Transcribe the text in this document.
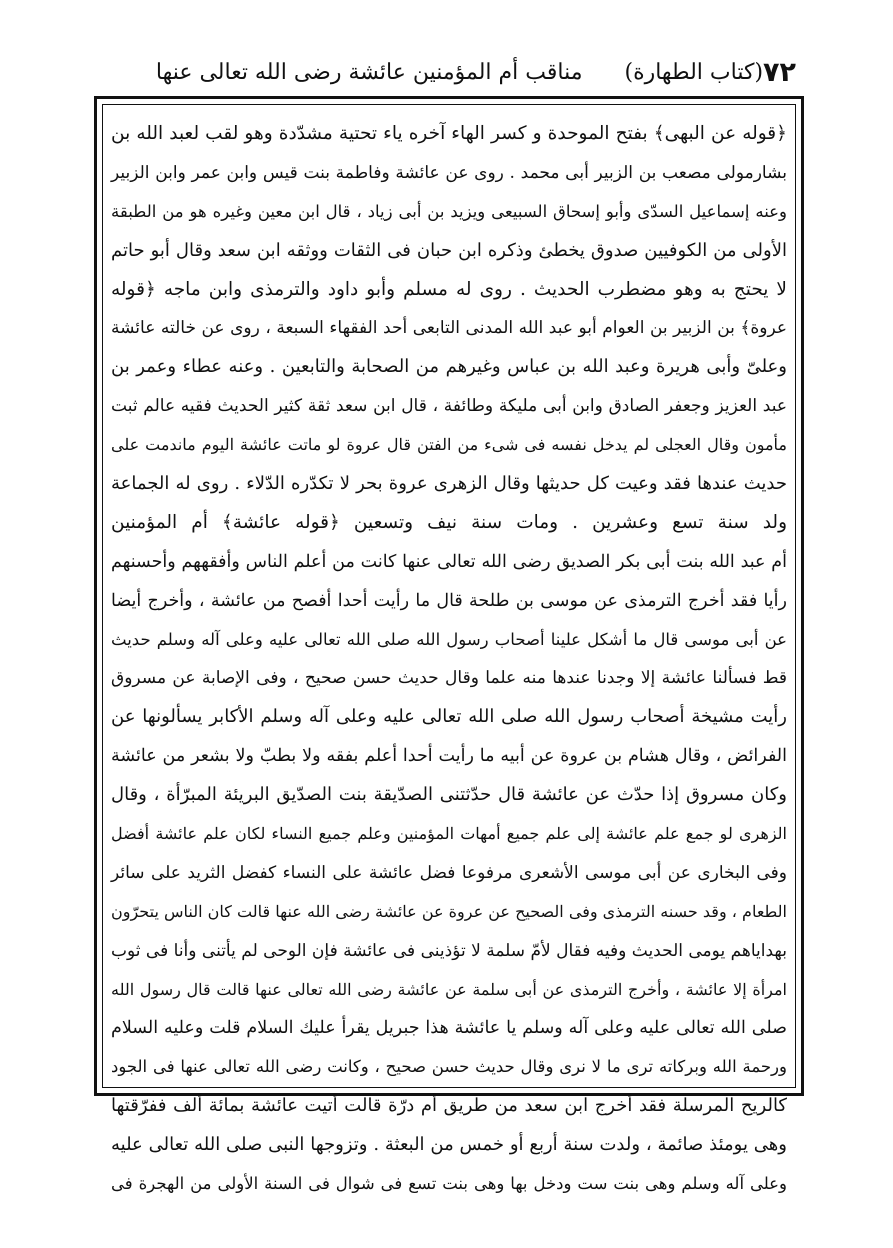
٧٢
(كتاب الطهارة)      مناقب أم المؤمنين عائشة رضى الله تعالى عنها
﴿قوله عن البهى﴾ بفتح الموحدة و كسر الهاء آخره ياء تحتية مشدّدة وهو لقب لعبد الله بن
بشارمولى مصعب بن الزبير أبى محمد . روى عن عائشة وفاطمة بنت قيس وابن عمر وابن الزبير
وعنه إسماعيل السدّى وأبو إسحاق السبيعى ويزيد بن أبى زياد ، قال ابن معين وغيره هو من الطبقة
الأولى من الكوفيين صدوق يخطئ وذكره ابن حبان فى الثقات ووثقه ابن سعد وقال أبو حاتم
لا يحتج به وهو مضطرب الحديث . روى له مسلم وأبو داود والترمذى وابن ماجه ﴿قوله
عروة﴾ بن الزبير بن العوام أبو عبد الله المدنى التابعى أحد الفقهاء السبعة ، روى عن خالته عائشة
وعلىّ وأبى هريرة وعبد الله بن عباس وغيرهم من الصحابة والتابعين . وعنه عطاء وعمر بن
عبد العزيز وجعفر الصادق وابن أبى مليكة وطائفة ، قال ابن سعد ثقة كثير الحديث فقيه عالم ثبت
مأمون وقال العجلى لم يدخل نفسه فى شىء من الفتن قال عروة لو ماتت عائشة اليوم ماندمت على
حديث عندها فقد وعيت كل حديثها وقال الزهرى عروة بحر لا تكدّره الدّلاء . روى له الجماعة
ولد سنة تسع وعشرين . ومات سنة نيف وتسعين ﴿قوله عائشة﴾ أم المؤمنين
أم عبد الله بنت أبى بكر الصديق رضى الله تعالى عنها كانت من أعلم الناس وأفقههم وأحسنهم
رأيا فقد أخرج الترمذى عن موسى بن طلحة قال ما رأيت أحدا أفصح من عائشة ، وأخرج أيضا
عن أبى موسى قال ما أشكل علينا أصحاب رسول الله صلى الله تعالى عليه وعلى آله وسلم حديث
قط فسألنا عائشة إلا وجدنا عندها منه علما وقال حديث حسن صحيح ، وفى الإصابة عن مسروق
رأيت مشيخة أصحاب رسول الله صلى الله تعالى عليه وعلى آله وسلم الأكابر يسألونها عن
الفرائض ، وقال هشام بن عروة عن أبيه ما رأيت أحدا أعلم بفقه ولا بطبّ ولا بشعر من عائشة
وكان مسروق إذا حدّث عن عائشة قال حدّثتنى الصدّيقة بنت الصدّيق البريئة المبرّأة ، وقال
الزهرى لو جمع علم عائشة إلى علم جميع أمهات المؤمنين وعلم جميع النساء لكان علم عائشة أفضل
وفى البخارى عن أبى موسى الأشعرى مرفوعا فضل عائشة على النساء كفضل الثريد على سائر
الطعام ، وقد حسنه الترمذى وفى الصحيح عن عروة عن عائشة رضى الله عنها قالت كان الناس يتحرّون
بهداياهم يومى الحديث وفيه فقال لأمّ سلمة لا تؤذينى فى عائشة فإن الوحى لم يأتنى وأنا فى ثوب
امرأة إلا عائشة ، وأخرج الترمذى عن أبى سلمة عن عائشة رضى الله تعالى عنها قالت قال رسول الله
صلى الله تعالى عليه وعلى آله وسلم يا عائشة هذا جبريل يقرأ عليك السلام قلت وعليه السلام
ورحمة الله وبركاته ترى ما لا نرى وقال حديث حسن صحيح ، وكانت رضى الله تعالى عنها فى الجود
كالريح المرسلة فقد أخرج ابن سعد من طريق أم درّة قالت أتيت عائشة بمائة ألف ففرّقتها
وهى يومئذ صائمة ، ولدت سنة أربع أو خمس من البعثة . وتزوجها النبى صلى الله تعالى عليه
وعلى آله وسلم وهى بنت ست ودخل بها وهى بنت تسع فى شوال فى السنة الأولى من الهجرة فى
